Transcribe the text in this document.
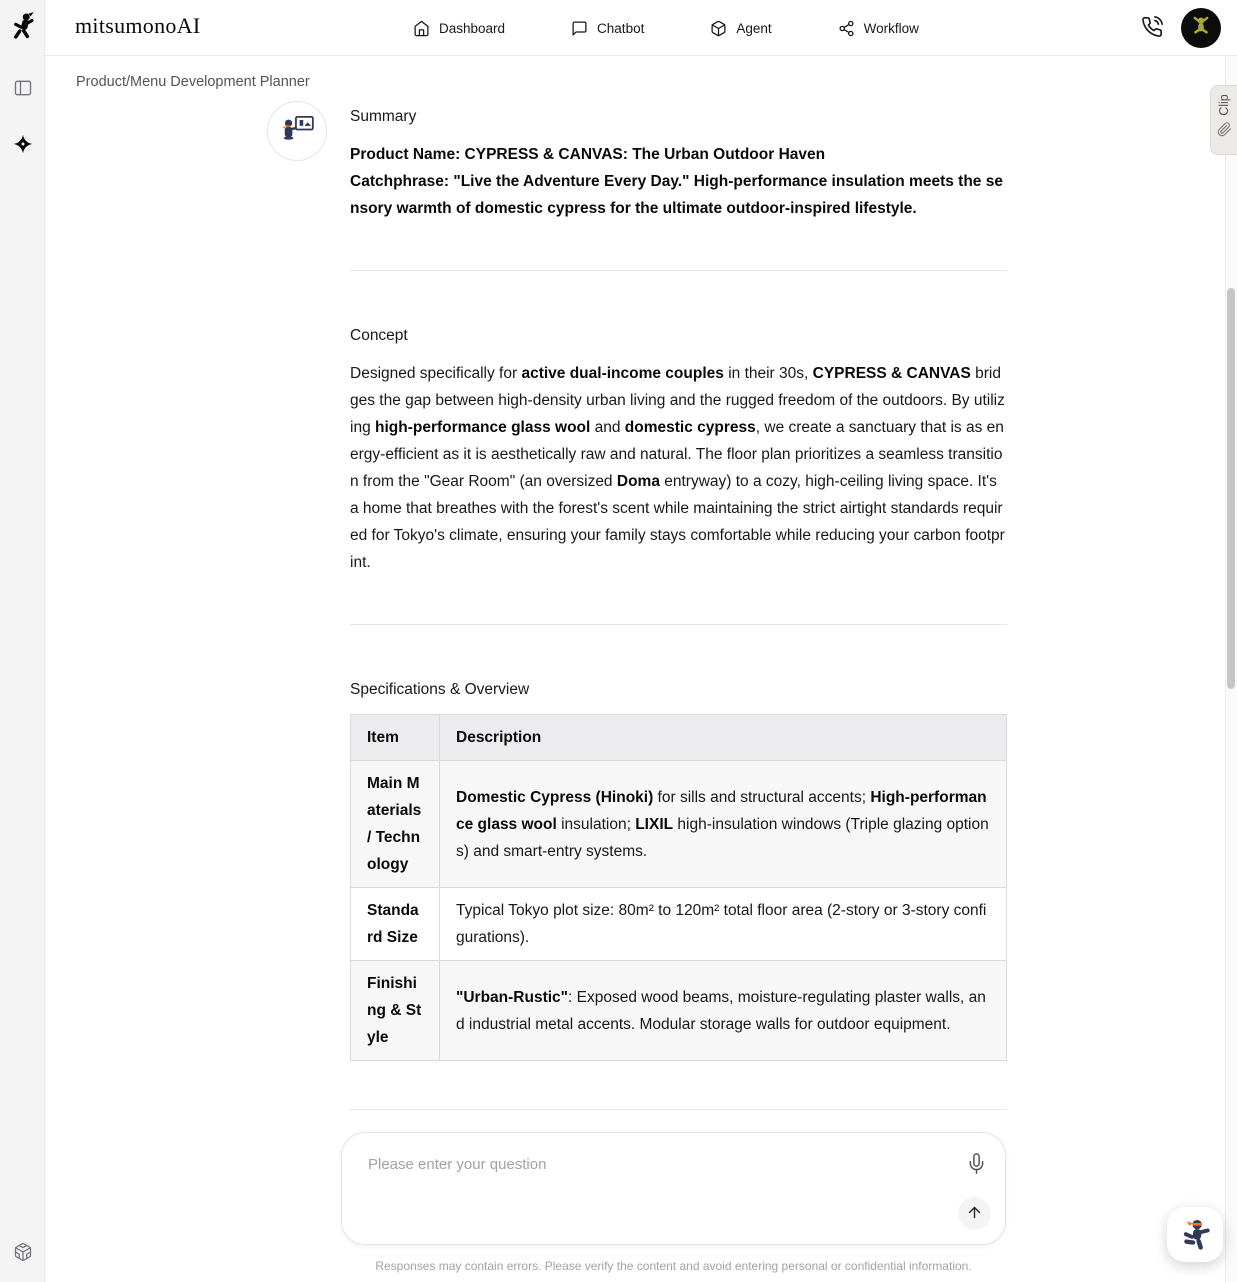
mitsumonoAI	Dashboard	Chatbot	Agent	Workflow
Product/Menu Development Planner
Summary

Product Name: CYPRESS & CANVAS: The Urban Outdoor Haven

Catchphrase: "Live the Adventure Every Day." High-performance insulation meets the sensory warmth of domestic cypress for the ultimate outdoor-inspired lifestyle.

Concept

Designed specifically for active dual-income couples in their 30s, CYPRESS & CANVAS bridges the gap between high-density urban living and the rugged freedom of the outdoors. By utilizing high-performance glass wool and domestic cypress, we create a sanctuary that is as energy-efficient as it is aesthetically raw and natural. The floor plan prioritizes a seamless transition from the "Gear Room" (an oversized Doma entryway) to a cozy, high-ceiling living space. It's a home that breathes with the forest's scent while maintaining the strict airtight standards required for Tokyo's climate, ensuring your family stays comfortable while reducing your carbon footprint.

Specifications & Overview
Item	Description
Main Materials / Technology	Domestic Cypress (Hinoki) for sills and structural accents; High-performance glass wool insulation; LIXIL high-insulation windows (Triple glazing options) and smart-entry systems.
Standard Size	Typical Tokyo plot size: 80m² to 120m² total floor area (2-story or 3-story configurations).
Finishing & Style	"Urban-Rustic": Exposed wood beams, moisture-regulating plaster walls, and industrial metal accents. Modular storage walls for outdoor equipment.
Please enter your question
Responses may contain errors. Please verify the content and avoid entering personal or confidential information.
Clip
